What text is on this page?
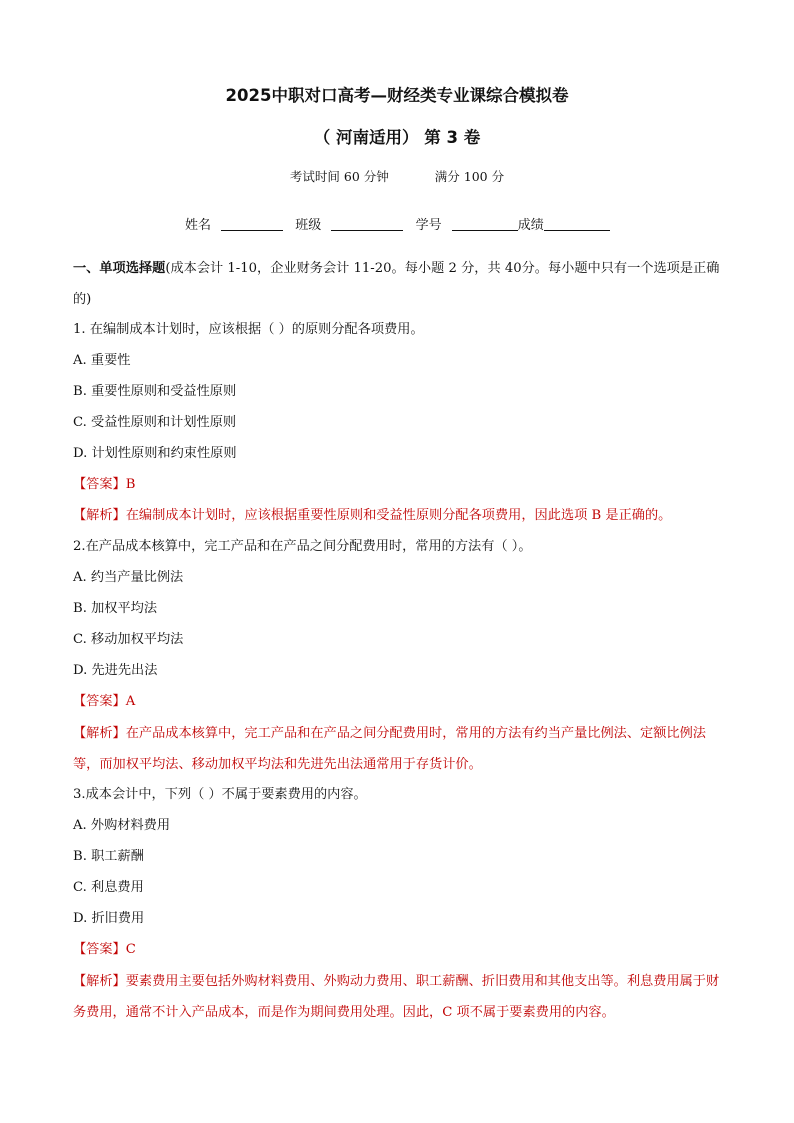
2025中职对口高考—财经类专业课综合模拟卷
（ 河南适用） 第 3 卷
考试时间 60 分钟	满分 100 分
姓名	班级	学号	成绩
一、单项选择题(成本会计 1-10，企业财务会计 11-20。每小题 2 分，共 40分。每小题中只有一个选项是正确的)
1. 在编制成本计划时，应该根据（ ）的原则分配各项费用。
A. 重要性
B. 重要性原则和受益性原则
C. 受益性原则和计划性原则
D. 计划性原则和约束性原则
【答案】B
【解析】在编制成本计划时，应该根据重要性原则和受益性原则分配各项费用，因此选项 B 是正确的。
2.在产品成本核算中，完工产品和在产品之间分配费用时，常用的方法有（ ）。
A. 约当产量比例法
B. 加权平均法
C. 移动加权平均法
D. 先进先出法
【答案】A
【解析】在产品成本核算中，完工产品和在产品之间分配费用时，常用的方法有约当产量比例法、定额比例法等，而加权平均法、移动加权平均法和先进先出法通常用于存货计价。
3.成本会计中，下列（ ）不属于要素费用的内容。
A. 外购材料费用
B. 职工薪酬
C. 利息费用
D. 折旧费用
【答案】C
【解析】要素费用主要包括外购材料费用、外购动力费用、职工薪酬、折旧费用和其他支出等。利息费用属于财务费用，通常不计入产品成本，而是作为期间费用处理。因此，C 项不属于要素费用的内容。
